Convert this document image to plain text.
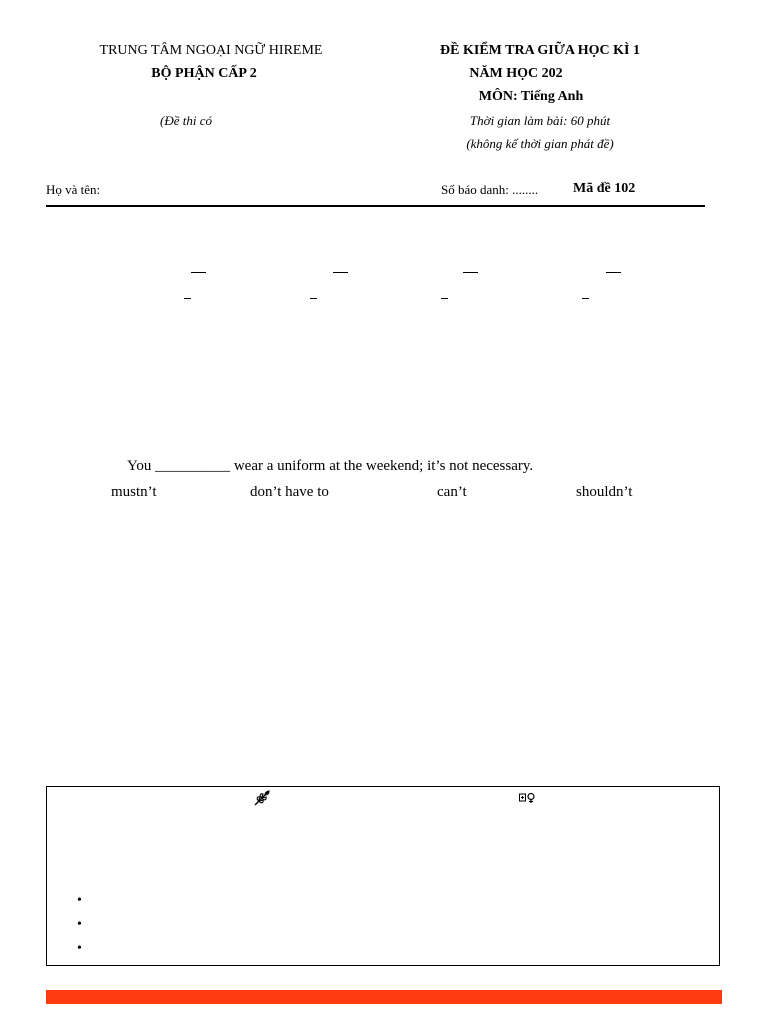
TRUNG TÂM NGOẠI NGỮ HIREME
BỘ PHẬN CẤP 2
(Đề thi có
ĐỀ KIỂM TRA GIỮA HỌC KÌ 1
NĂM HỌC 202
MÔN: Tiếng Anh
Thời gian làm bài: 60 phút
(không kể thời gian phát đề)
Họ và tên:	Số báo danh: ........ Mã đề 102
You __________ wear a uniform at the weekend; it’s not necessary.
mustn’t	don’t have to	can’t	shouldn’t
•
•
•
